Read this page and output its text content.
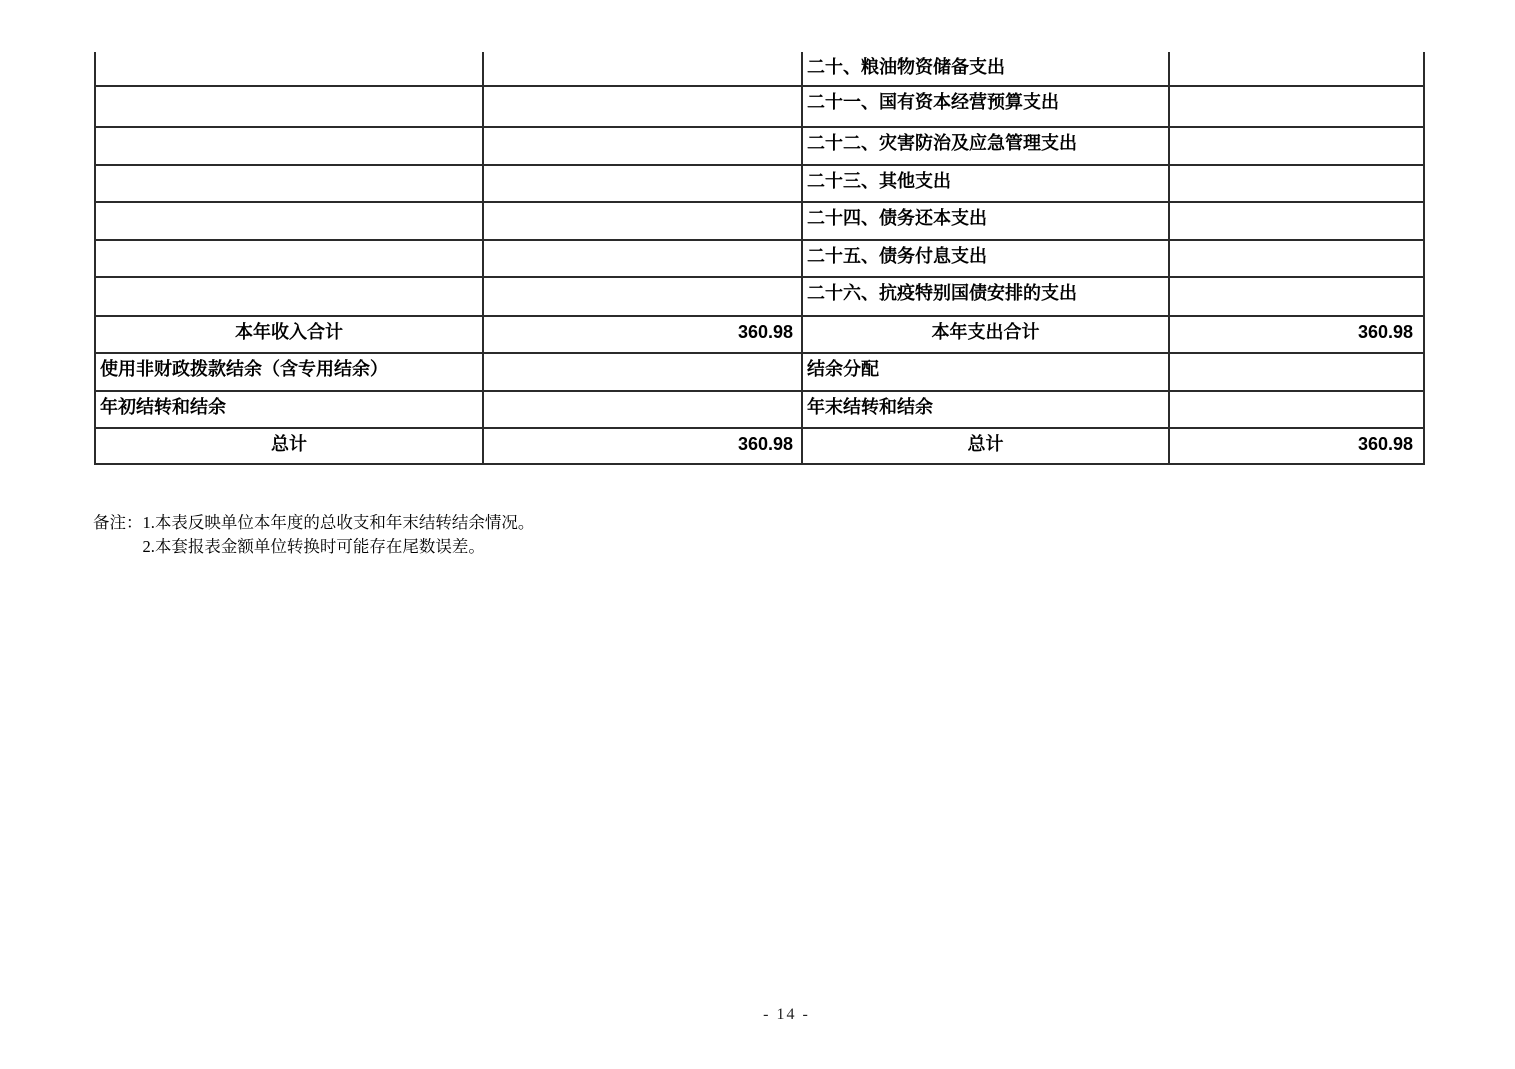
		二十、粮油物资储备支出	
		二十一、国有资本经营预算支出	
		二十二、灾害防治及应急管理支出	
		二十三、其他支出	
		二十四、债务还本支出	
		二十五、债务付息支出	
		二十六、抗疫特别国债安排的支出	
本年收入合计	360.98	本年支出合计	360.98
使用非财政拨款结余（含专用结余）		结余分配	
年初结转和结余		年末结转和结余	
总计	360.98	总计	360.98
备注： 1.本表反映单位本年度的总收支和年末结转结余情况。
2.本套报表金额单位转换时可能存在尾数误差。
- 14 -
